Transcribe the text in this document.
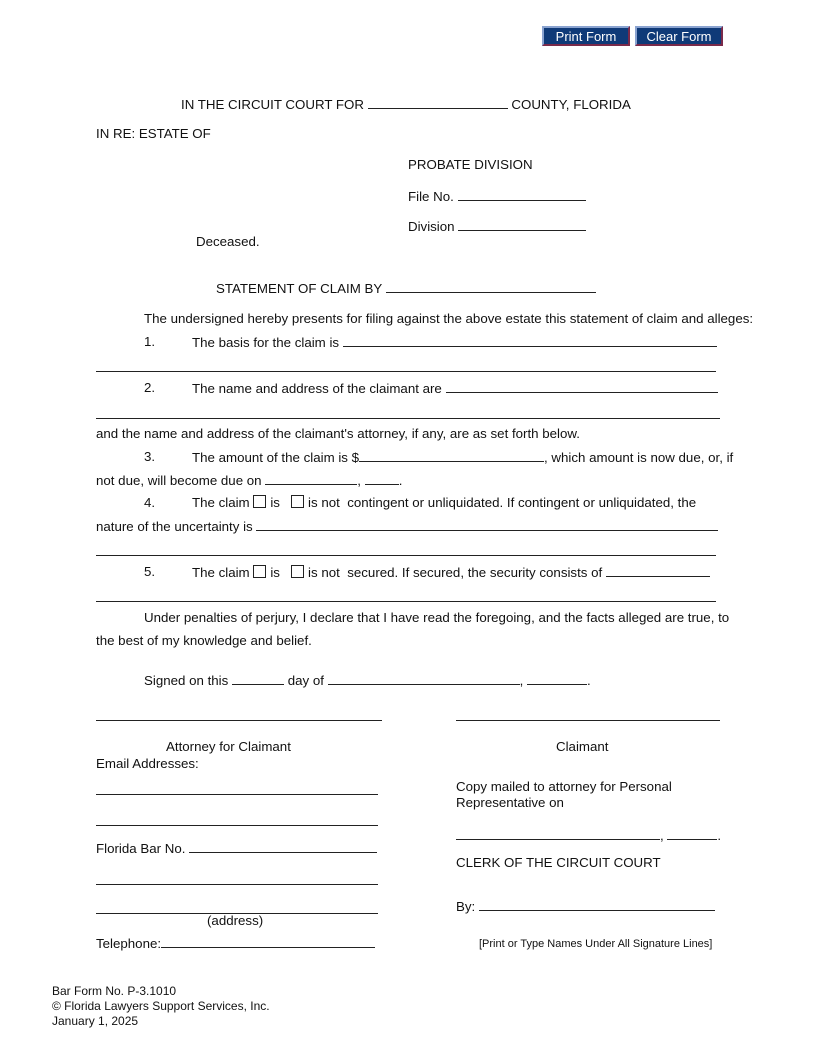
Print Form	Clear Form
IN THE CIRCUIT COURT FOR	COUNTY, FLORIDA
IN RE: ESTATE OF
PROBATE DIVISION
File No.
Division
Deceased.
STATEMENT OF CLAIM BY
The undersigned hereby presents for filing against the above estate this statement of claim and alleges:
1.	The basis for the claim is
2.	The name and address of the claimant are
and the name and address of the claimant's attorney, if any, are as set forth below.
3.	The amount of the claim is $	, which amount is now due, or, if
not due, will become due on	,	.
4.	The claim is is not contingent or unliquidated. If contingent or unliquidated, the
nature of the uncertainty is
5.	The claim is is not secured. If secured, the security consists of
Under penalties of perjury, I declare that I have read the foregoing, and the facts alleged are true, to
the best of my knowledge and belief.
Signed on this	day of	,	.
Attorney for Claimant	Claimant
Email Addresses:
Florida Bar No.
(address)
Telephone:
Copy mailed to attorney for Personal
Representative on
,	.
CLERK OF THE CIRCUIT COURT
By:
[Print or Type Names Under All Signature Lines]
Bar Form No. P-3.1010
© Florida Lawyers Support Services, Inc.
January 1, 2025
